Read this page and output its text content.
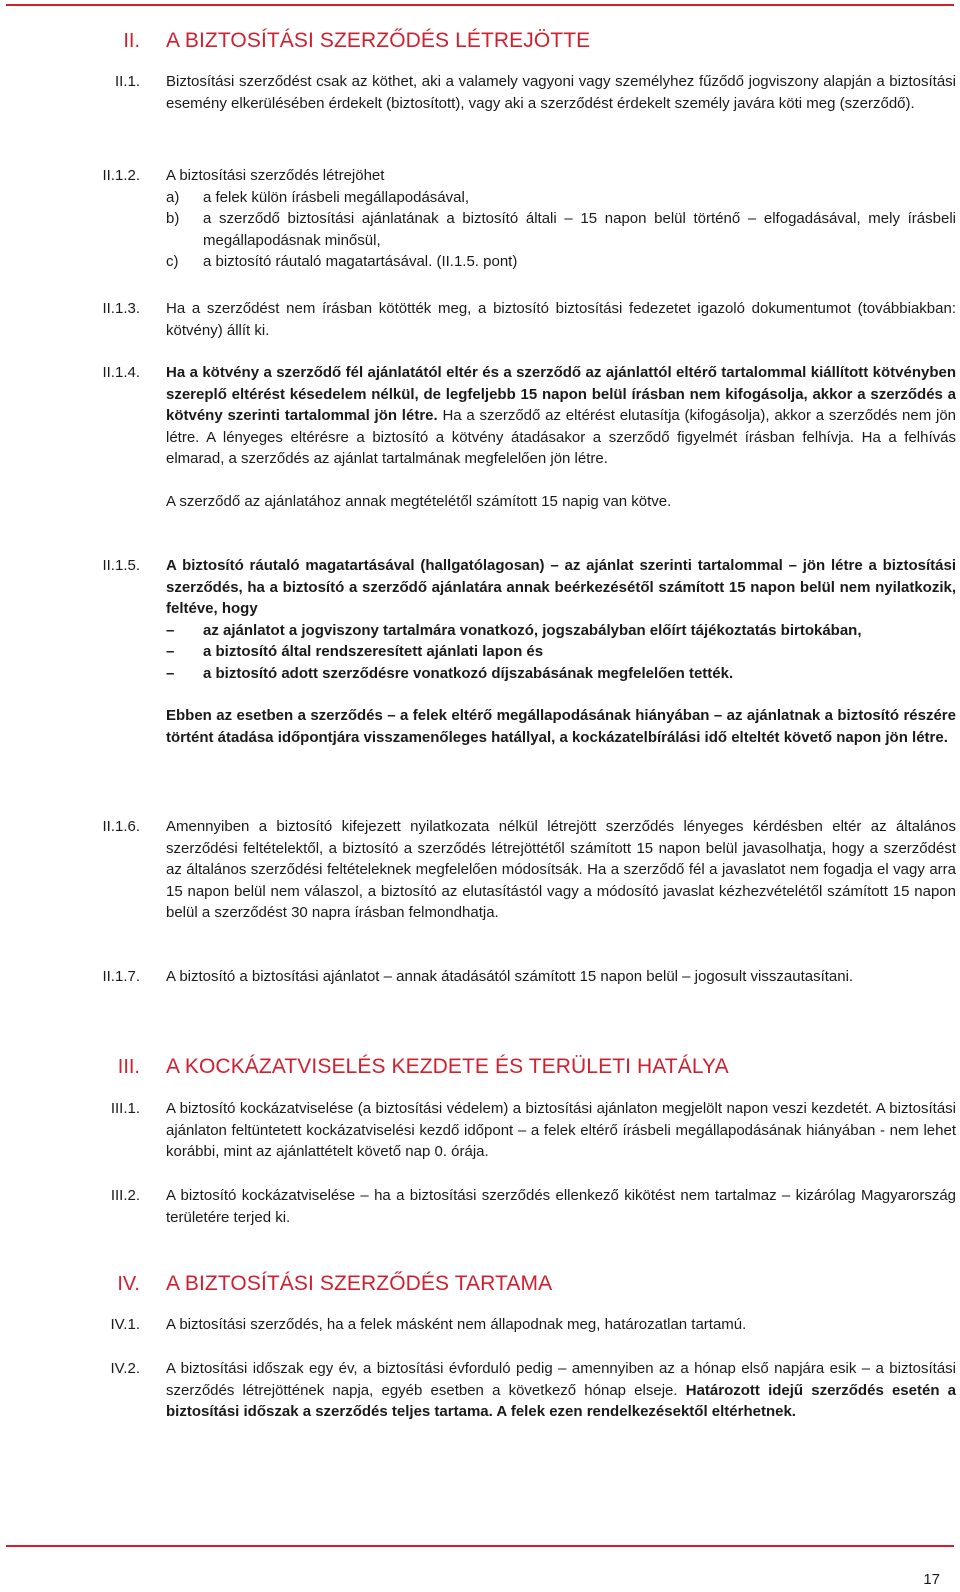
II. A BIZTOSÍTÁSI SZERZŐDÉS LÉTREJÖTTE
II.1. Biztosítási szerződést csak az köthet, aki a valamely vagyoni vagy személyhez fűződő jogviszony alapján a biztosítási esemény elkerülésében érdekelt (biztosított), vagy aki a szerződést érdekelt személy javára köti meg (szerződő).

II.1.2. A biztosítási szerződés létrejöhet

a)	a felek külön írásbeli megállapodásával,
b)	a szerződő biztosítási ajánlatának a biztosító általi – 15 napon belül történő – elfogadásával, mely írásbeli megállapodásnak minősül,
c)	a biztosító ráutaló magatartásával. (II.1.5. pont)
II.1.3. Ha a szerződést nem írásban kötötték meg, a biztosító biztosítási fedezetet igazoló dokumentumot (továbbiakban: kötvény) állít ki.

II.1.4. Ha a kötvény a szerződő fél ajánlatától eltér és a szerződő az ajánlattól eltérő tartalommal kiállított kötvényben szereplő eltérést késedelem nélkül, de legfeljebb 15 napon belül írásban nem kifogásolja, akkor a szerződés a kötvény szerinti tartalommal jön létre. Ha a szerződő az eltérést elutasítja (kifogásolja), akkor a szerződés nem jön létre. A lényeges eltérésre a biztosító a kötvény átadásakor a szerződő figyelmét írásban felhívja. Ha a felhívás elmarad, a szerződés az ajánlat tartalmának megfelelően jön létre.

A szerződő az ajánlatához annak megtételétől számított 15 napig van kötve.

II.1.5. A biztosító ráutaló magatartásával (hallgatólagosan) – az ajánlat szerinti tartalommal – jön létre a biztosítási szerződés, ha a biztosító a szerződő ajánlatára annak beérkezésétől számított 15 napon belül nem nyilatkozik, feltéve, hogy

–	az ajánlatot a jogviszony tartalmára vonatkozó, jogszabályban előírt tájékoztatás birtokában,
–	a biztosító által rendszeresített ajánlati lapon és
–	a biztosító adott szerződésre vonatkozó díjszabásának megfelelően tették.

Ebben az esetben a szerződés – a felek eltérő megállapodásának hiányában – az ajánlatnak a biztosító részére történt átadása időpontjára visszamenőleges hatállyal, a kockázatelbírálási idő elteltét követő napon jön létre.

II.1.6. Amennyiben a biztosító kifejezett nyilatkozata nélkül létrejött szerződés lényeges kérdésben eltér az általános szerződési feltételektől, a biztosító a szerződés létrejöttétől számított 15 napon belül javasolhatja, hogy a szerződést az általános szerződési feltételeknek megfelelően módosítsák. Ha a szerződő fél a javaslatot nem fogadja el vagy arra 15 napon belül nem válaszol, a biztosító az elutasítástól vagy a módosító javaslat kézhezvételétől számított 15 napon belül a szerződést 30 napra írásban felmondhatja.

II.1.7. A biztosító a biztosítási ajánlatot – annak átadásától számított 15 napon belül – jogosult visszautasítani.

III. A KOCKÁZATVISELÉS KEZDETE ÉS TERÜLETI HATÁLYA
III.1. A biztosító kockázatviselése (a biztosítási védelem) a biztosítási ajánlaton megjelölt napon veszi kezdetét. A biztosítási ajánlaton feltüntetett kockázatviselési kezdő időpont – a felek eltérő írásbeli megállapodásának hiányában - nem lehet korábbi, mint az ajánlattételt követő nap 0. órája.

III.2. A biztosító kockázatviselése – ha a biztosítási szerződés ellenkező kikötést nem tartalmaz – kizárólag Magyarország területére terjed ki.

IV. A BIZTOSÍTÁSI SZERZŐDÉS TARTAMA
IV.1. A biztosítási szerződés, ha a felek másként nem állapodnak meg, határozatlan tartamú.

IV.2. A biztosítási időszak egy év, a biztosítási évforduló pedig – amennyiben az a hónap első napjára esik – a biztosítási szerződés létrejöttének napja, egyéb esetben a következő hónap elseje. Határozott idejű szerződés esetén a biztosítási időszak a szerződés teljes tartama. A felek ezen rendelkezésektől eltérhetnek.

17
